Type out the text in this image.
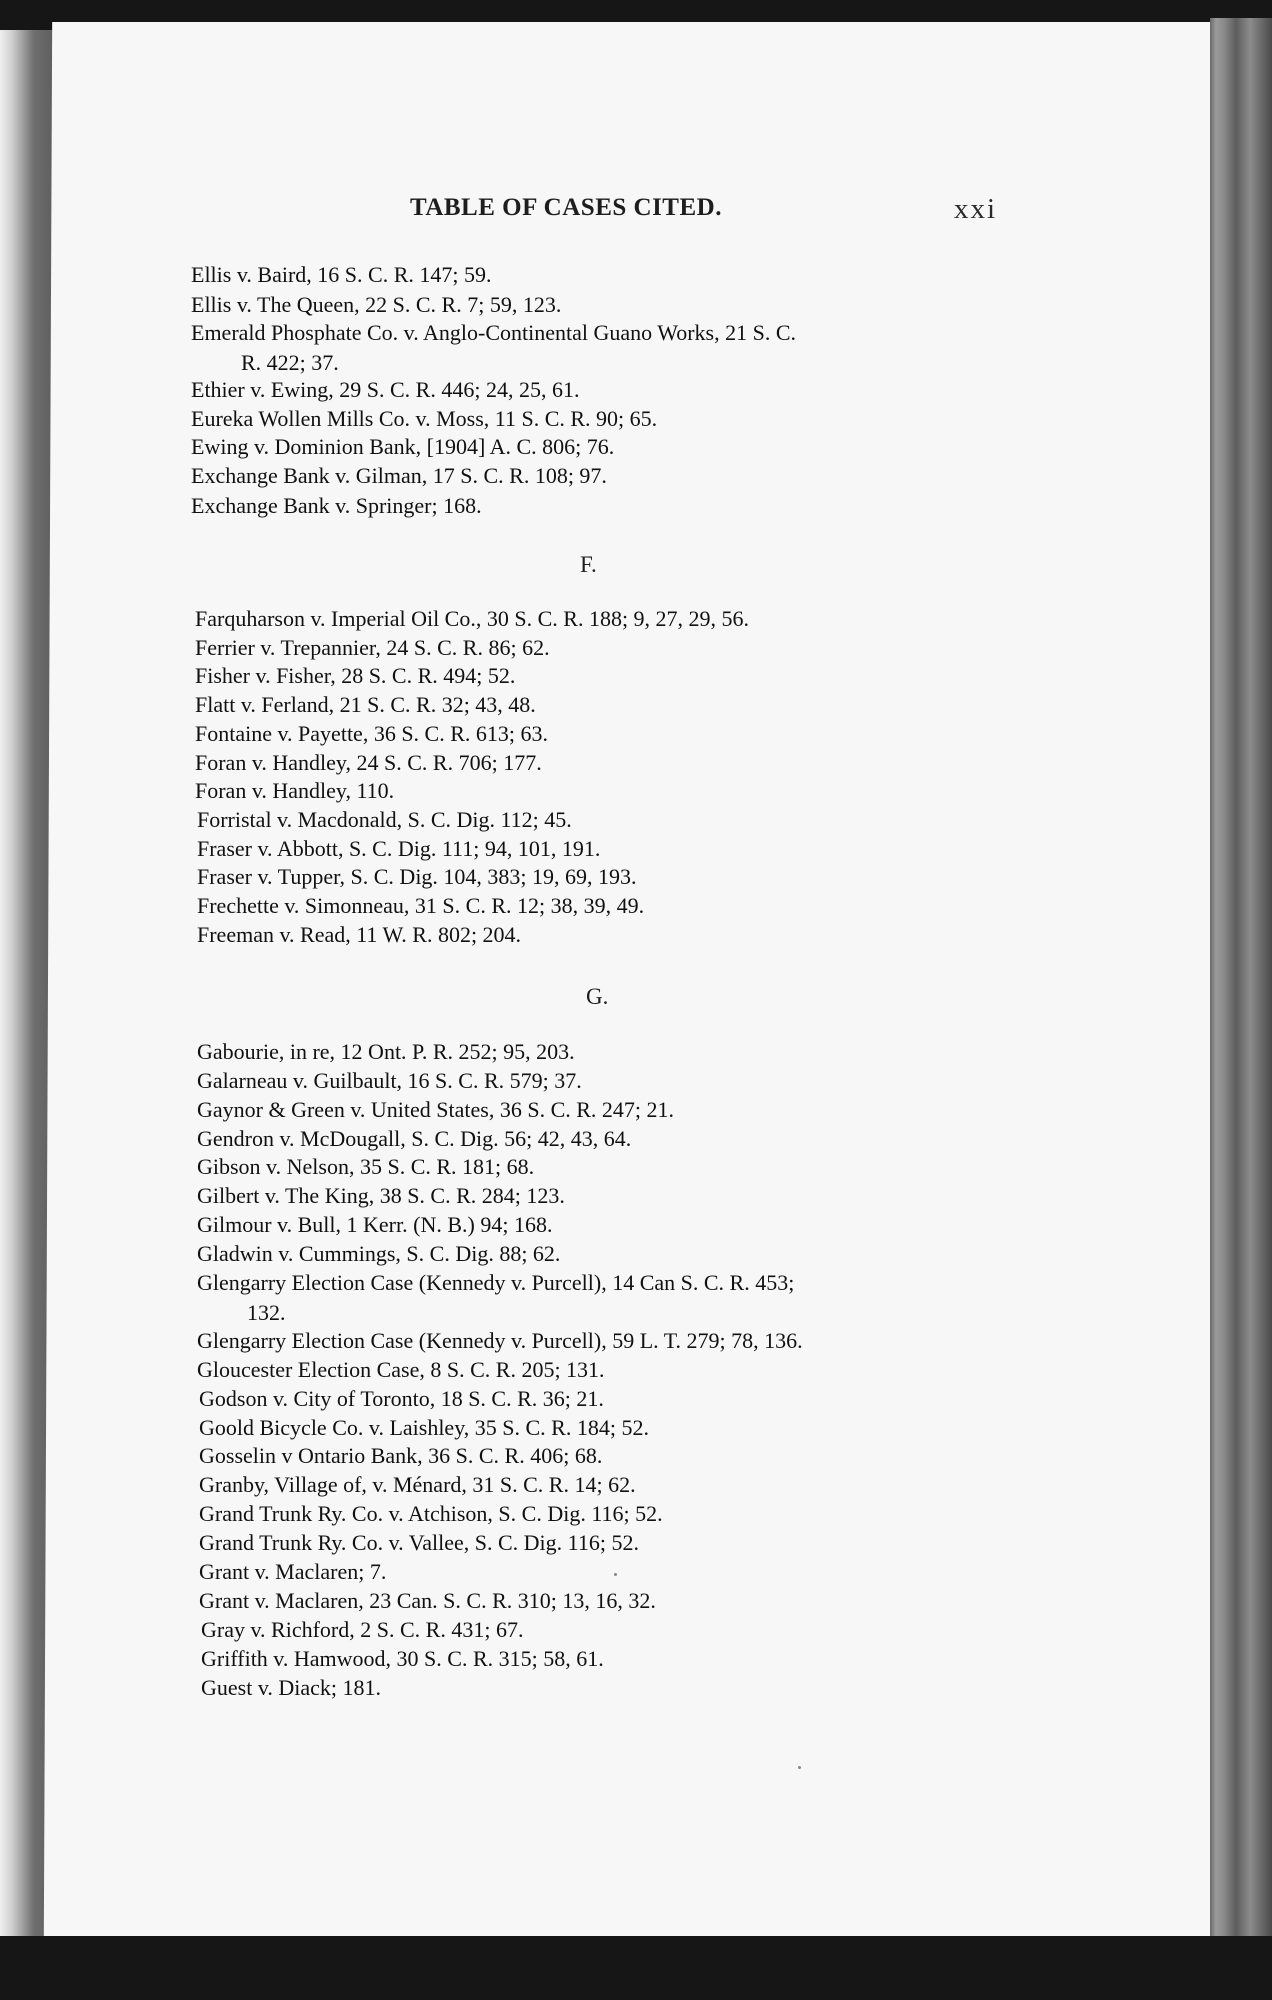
TABLE OF CASES CITED.	xxi
Ellis v. Baird, 16 S. C. R. 147; 59.
Ellis v. The Queen, 22 S. C. R. 7; 59, 123.
Emerald Phosphate Co. v. Anglo-Continental Guano Works, 21 S. C.
R. 422; 37.
Ethier v. Ewing, 29 S. C. R. 446; 24, 25, 61.
Eureka Wollen Mills Co. v. Moss, 11 S. C. R. 90; 65.
Ewing v. Dominion Bank, [1904] A. C. 806; 76.
Exchange Bank v. Gilman, 17 S. C. R. 108; 97.
Exchange Bank v. Springer; 168.
F.
Farquharson v. Imperial Oil Co., 30 S. C. R. 188; 9, 27, 29, 56.
Ferrier v. Trepannier, 24 S. C. R. 86; 62.
Fisher v. Fisher, 28 S. C. R. 494; 52.
Flatt v. Ferland, 21 S. C. R. 32; 43, 48.
Fontaine v. Payette, 36 S. C. R. 613; 63.
Foran v. Handley, 24 S. C. R. 706; 177.
Foran v. Handley, 110.
Forristal v. Macdonald, S. C. Dig. 112; 45.
Fraser v. Abbott, S. C. Dig. 111; 94, 101, 191.
Fraser v. Tupper, S. C. Dig. 104, 383; 19, 69, 193.
Frechette v. Simonneau, 31 S. C. R. 12; 38, 39, 49.
Freeman v. Read, 11 W. R. 802; 204.
G.
Gabourie, in re, 12 Ont. P. R. 252; 95, 203.
Galarneau v. Guilbault, 16 S. C. R. 579; 37.
Gaynor & Green v. United States, 36 S. C. R. 247; 21.
Gendron v. McDougall, S. C. Dig. 56; 42, 43, 64.
Gibson v. Nelson, 35 S. C. R. 181; 68.
Gilbert v. The King, 38 S. C. R. 284; 123.
Gilmour v. Bull, 1 Kerr. (N. B.) 94; 168.
Gladwin v. Cummings, S. C. Dig. 88; 62.
Glengarry Election Case (Kennedy v. Purcell), 14 Can S. C. R. 453;
132.
Glengarry Election Case (Kennedy v. Purcell), 59 L. T. 279; 78, 136.
Gloucester Election Case, 8 S. C. R. 205; 131.
Godson v. City of Toronto, 18 S. C. R. 36; 21.
Goold Bicycle Co. v. Laishley, 35 S. C. R. 184; 52.
Gosselin v Ontario Bank, 36 S. C. R. 406; 68.
Granby, Village of, v. Ménard, 31 S. C. R. 14; 62.
Grand Trunk Ry. Co. v. Atchison, S. C. Dig. 116; 52.
Grand Trunk Ry. Co. v. Vallee, S. C. Dig. 116; 52.
Grant v. Maclaren; 7.
Grant v. Maclaren, 23 Can. S. C. R. 310; 13, 16, 32.
Gray v. Richford, 2 S. C. R. 431; 67.
Griffith v. Hamwood, 30 S. C. R. 315; 58, 61.
Guest v. Diack; 181.
